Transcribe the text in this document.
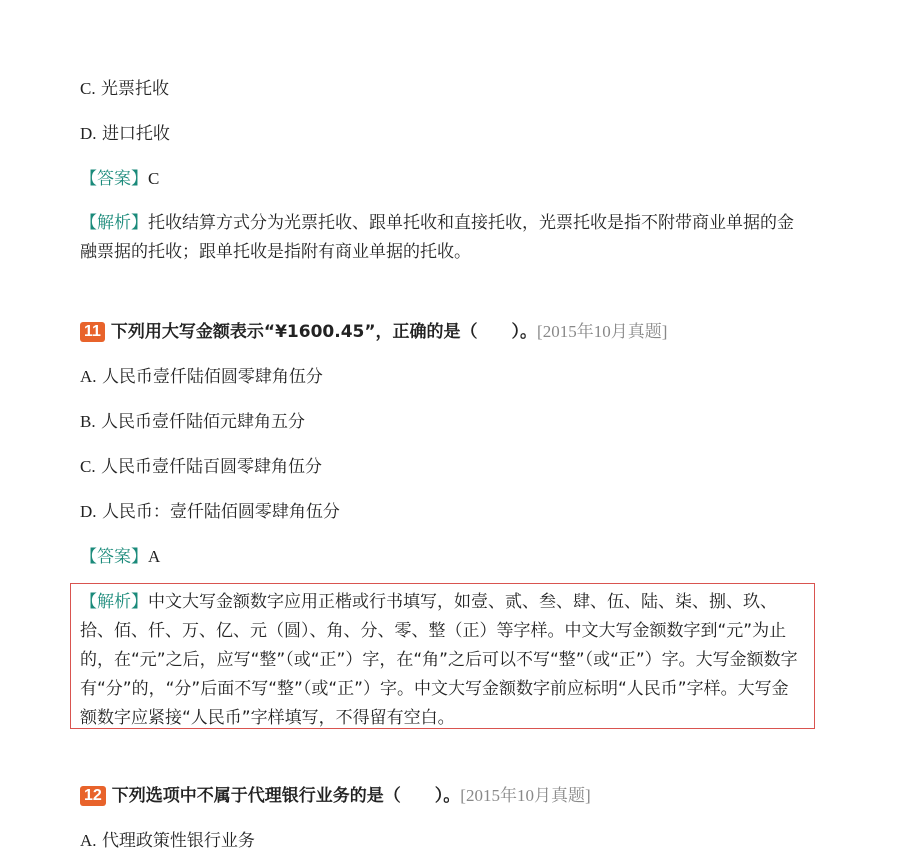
C. 光票托收
D. 进口托收
【答案】C
【解析】托收结算方式分为光票托收、跟单托收和直接托收，光票托收是指不附带商业单据的金融票据的托收；跟单托收是指附有商业单据的托收。
11 下列用大写金额表示“¥1600.45”，正确的是（　　）。[2015年10月真题]
A. 人民币壹仟陆佰圆零肆角伍分
B. 人民币壹仟陆佰元肆角五分
C. 人民币壹仟陆百圆零肆角伍分
D. 人民币：壹仟陆佰圆零肆角伍分
【答案】A
【解析】中文大写金额数字应用正楷或行书填写，如壹、贰、叁、肆、伍、陆、柒、捌、玖、拾、佰、仟、万、亿、元（圆）、角、分、零、整（正）等字样。中文大写金额数字到“元”为止的，在“元”之后，应写“整”（或“正”）字，在“角”之后可以不写“整”（或“正”）字。大写金额数字有“分”的，“分”后面不写“整”（或“正”）字。中文大写金额数字前应标明“人民币”字样。大写金额数字应紧接“人民币”字样填写，不得留有空白。
12 下列选项中不属于代理银行业务的是（　　）。[2015年10月真题]
A. 代理政策性银行业务
